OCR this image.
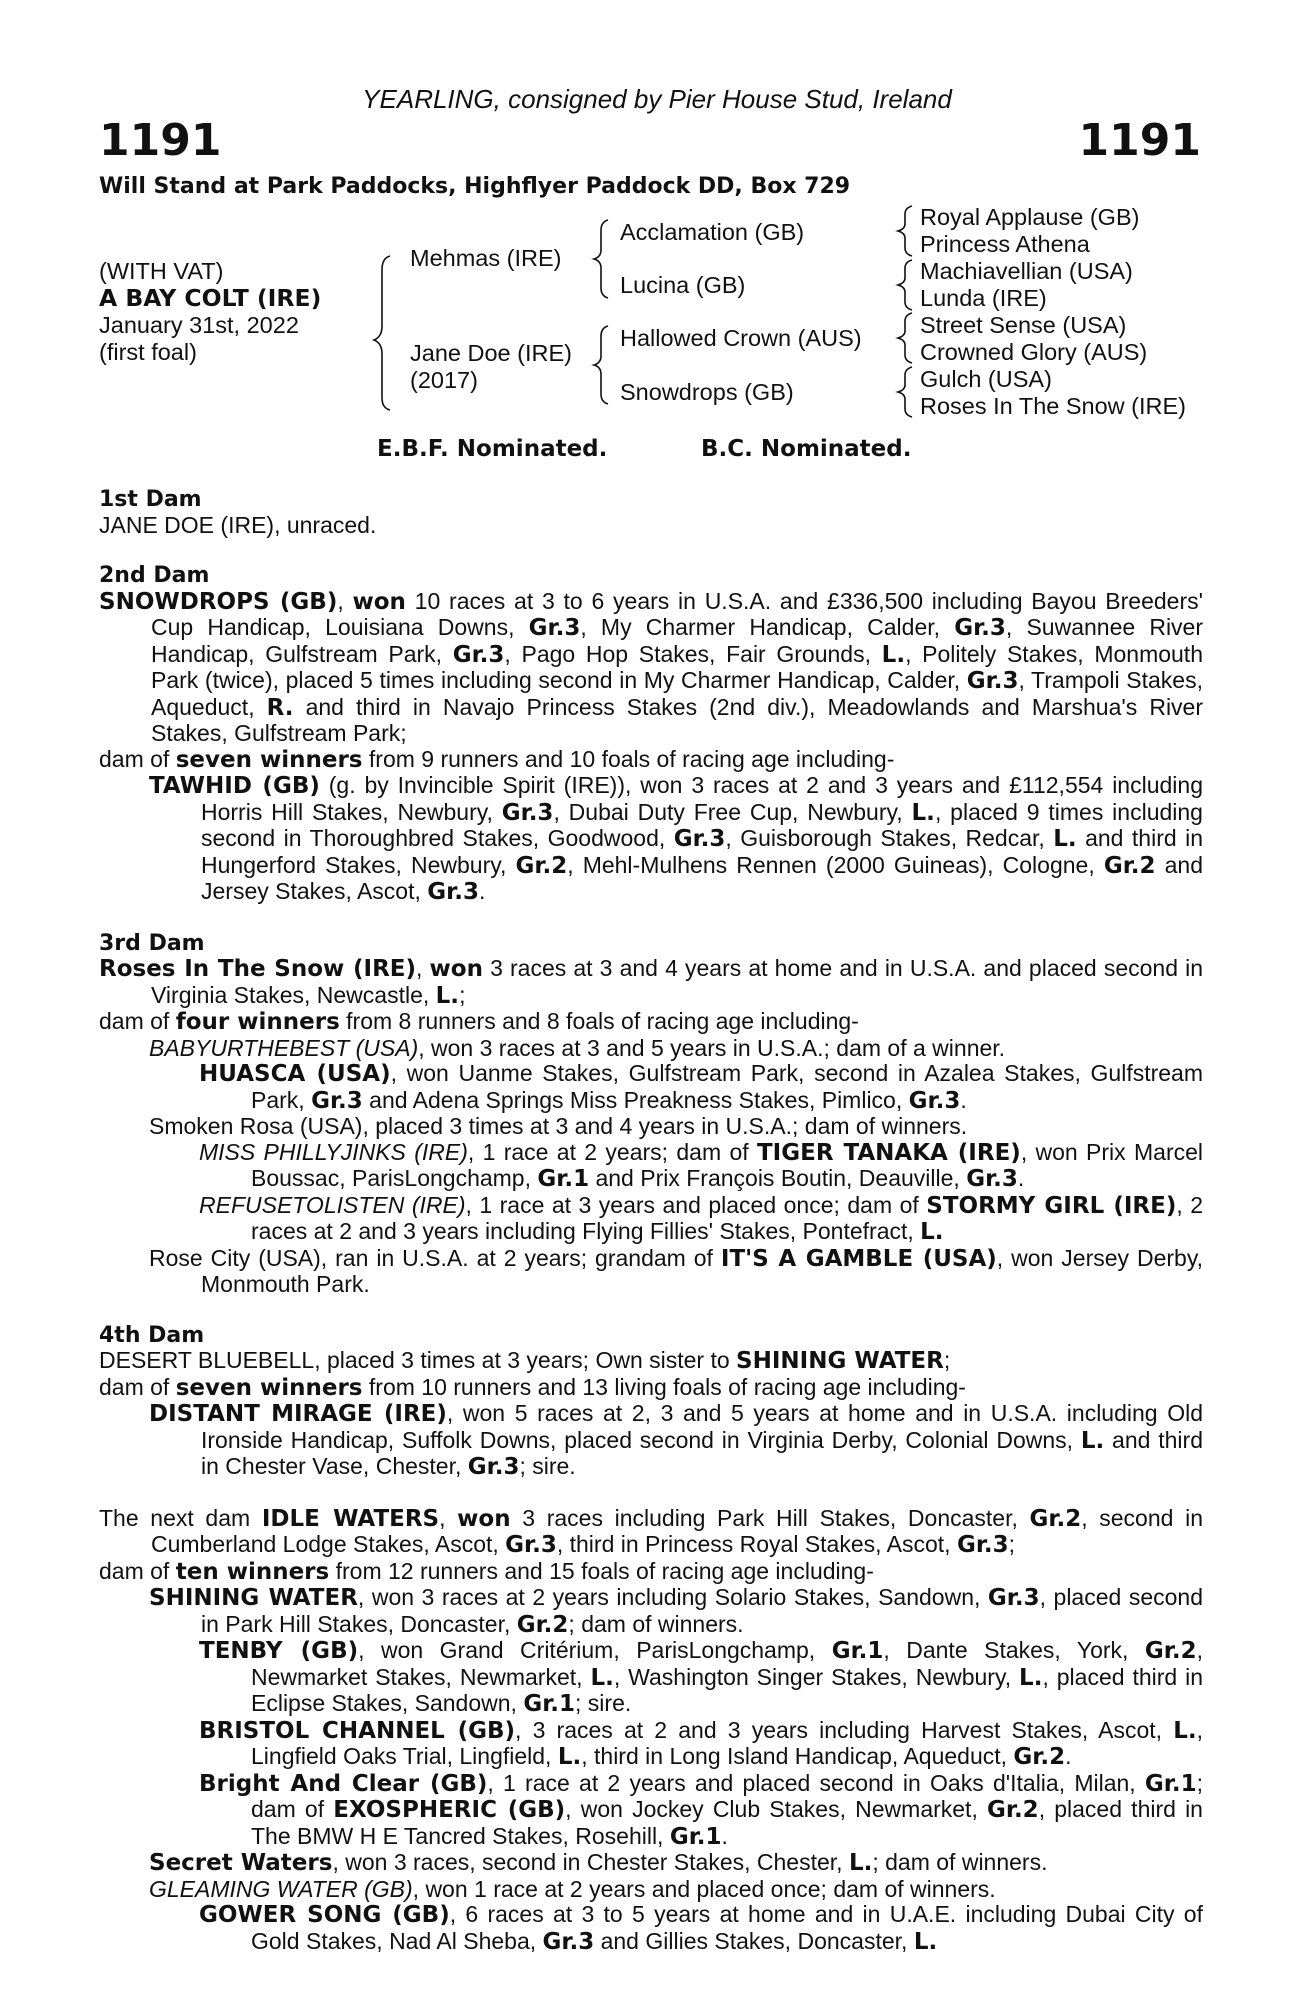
YEARLING, consigned by Pier House Stud, Ireland
1191	1191
Will Stand at Park Paddocks, Highflyer Paddock DD, Box 729
(WITH VAT)
A BAY COLT (IRE)
January 31st, 2022
(first foal)
Mehmas (IRE)
Jane Doe (IRE)
(2017)
Acclamation (GB)
Lucina (GB)
Hallowed Crown (AUS)
Snowdrops (GB)
Royal Applause (GB)
Princess Athena
Machiavellian (USA)
Lunda (IRE)
Street Sense (USA)
Crowned Glory (AUS)
Gulch (USA)
Roses In The Snow (IRE)
E.B.F. Nominated.	B.C. Nominated.
1st Dam
JANE DOE (IRE), unraced.
2nd Dam
SNOWDROPS (GB), won 10 races at 3 to 6 years in U.S.A. and £336,500 including Bayou Breeders' Cup Handicap, Louisiana Downs, Gr.3, My Charmer Handicap, Calder, Gr.3, Suwannee River Handicap, Gulfstream Park, Gr.3, Pago Hop Stakes, Fair Grounds, L., Politely Stakes, Monmouth Park (twice), placed 5 times including second in My Charmer Handicap, Calder, Gr.3, Trampoli Stakes, Aqueduct, R. and third in Navajo Princess Stakes (2nd div.), Meadowlands and Marshua's River Stakes, Gulfstream Park;
dam of seven winners from 9 runners and 10 foals of racing age including-
TAWHID (GB) (g. by Invincible Spirit (IRE)), won 3 races at 2 and 3 years and £112,554 including Horris Hill Stakes, Newbury, Gr.3, Dubai Duty Free Cup, Newbury, L., placed 9 times including second in Thoroughbred Stakes, Goodwood, Gr.3, Guisborough Stakes, Redcar, L. and third in Hungerford Stakes, Newbury, Gr.2, Mehl-Mulhens Rennen (2000 Guineas), Cologne, Gr.2 and Jersey Stakes, Ascot, Gr.3.
3rd Dam
Roses In The Snow (IRE), won 3 races at 3 and 4 years at home and in U.S.A. and placed second in Virginia Stakes, Newcastle, L.;
dam of four winners from 8 runners and 8 foals of racing age including-
BABYURTHEBEST (USA), won 3 races at 3 and 5 years in U.S.A.; dam of a winner.
HUASCA (USA), won Uanme Stakes, Gulfstream Park, second in Azalea Stakes, Gulfstream Park, Gr.3 and Adena Springs Miss Preakness Stakes, Pimlico, Gr.3.
Smoken Rosa (USA), placed 3 times at 3 and 4 years in U.S.A.; dam of winners.
MISS PHILLYJINKS (IRE), 1 race at 2 years; dam of TIGER TANAKA (IRE), won Prix Marcel Boussac, ParisLongchamp, Gr.1 and Prix François Boutin, Deauville, Gr.3.
REFUSETOLISTEN (IRE), 1 race at 3 years and placed once; dam of STORMY GIRL (IRE), 2 races at 2 and 3 years including Flying Fillies' Stakes, Pontefract, L.
Rose City (USA), ran in U.S.A. at 2 years; grandam of IT'S A GAMBLE (USA), won Jersey Derby, Monmouth Park.
4th Dam
DESERT BLUEBELL, placed 3 times at 3 years; Own sister to SHINING WATER;
dam of seven winners from 10 runners and 13 living foals of racing age including-
DISTANT MIRAGE (IRE), won 5 races at 2, 3 and 5 years at home and in U.S.A. including Old Ironside Handicap, Suffolk Downs, placed second in Virginia Derby, Colonial Downs, L. and third in Chester Vase, Chester, Gr.3; sire.
The next dam IDLE WATERS, won 3 races including Park Hill Stakes, Doncaster, Gr.2, second in Cumberland Lodge Stakes, Ascot, Gr.3, third in Princess Royal Stakes, Ascot, Gr.3;
dam of ten winners from 12 runners and 15 foals of racing age including-
SHINING WATER, won 3 races at 2 years including Solario Stakes, Sandown, Gr.3, placed second in Park Hill Stakes, Doncaster, Gr.2; dam of winners.
TENBY (GB), won Grand Critérium, ParisLongchamp, Gr.1, Dante Stakes, York, Gr.2, Newmarket Stakes, Newmarket, L., Washington Singer Stakes, Newbury, L., placed third in Eclipse Stakes, Sandown, Gr.1; sire.
BRISTOL CHANNEL (GB), 3 races at 2 and 3 years including Harvest Stakes, Ascot, L., Lingfield Oaks Trial, Lingfield, L., third in Long Island Handicap, Aqueduct, Gr.2.
Bright And Clear (GB), 1 race at 2 years and placed second in Oaks d'Italia, Milan, Gr.1; dam of EXOSPHERIC (GB), won Jockey Club Stakes, Newmarket, Gr.2, placed third in The BMW H E Tancred Stakes, Rosehill, Gr.1.
Secret Waters, won 3 races, second in Chester Stakes, Chester, L.; dam of winners.
GLEAMING WATER (GB), won 1 race at 2 years and placed once; dam of winners.
GOWER SONG (GB), 6 races at 3 to 5 years at home and in U.A.E. including Dubai City of Gold Stakes, Nad Al Sheba, Gr.3 and Gillies Stakes, Doncaster, L.
